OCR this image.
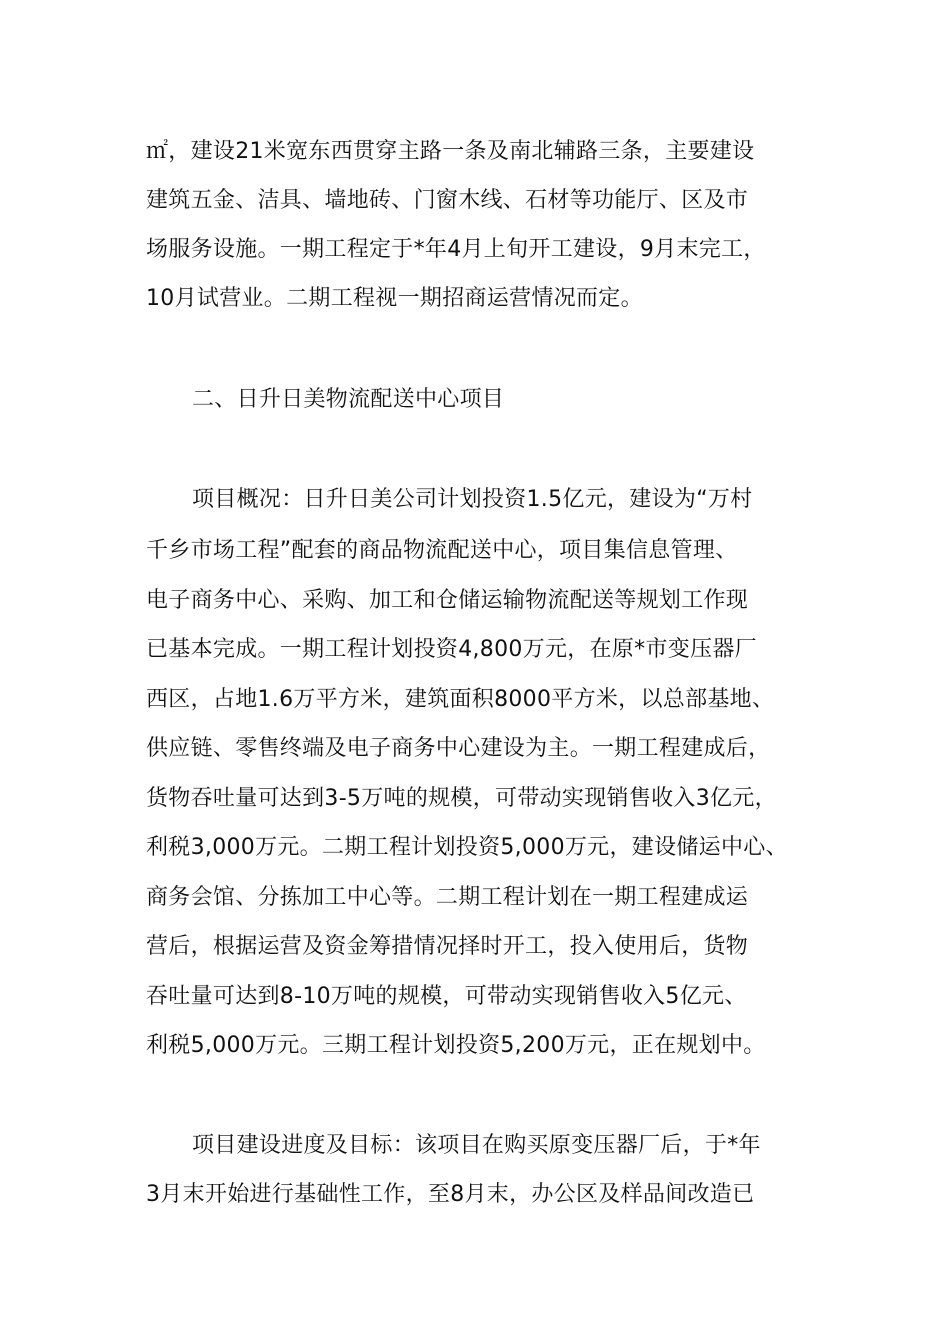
㎡，建设21米宽东西贯穿主路一条及南北辅路三条，主要建设
建筑五金、洁具、墙地砖、门窗木线、石材等功能厅、区及市
场服务设施。一期工程定于*年4月上旬开工建设，9月末完工，
10月试营业。二期工程视一期招商运营情况而定。
二、日升日美物流配送中心项目
项目概况：日升日美公司计划投资1.5亿元，建设为“万村
千乡市场工程”配套的商品物流配送中心，项目集信息管理、
电子商务中心、采购、加工和仓储运输物流配送等规划工作现
已基本完成。一期工程计划投资4,800万元，在原*市变压器厂
西区，占地1.6万平方米，建筑面积8000平方米，以总部基地、
供应链、零售终端及电子商务中心建设为主。一期工程建成后，
货物吞吐量可达到3-5万吨的规模，可带动实现销售收入3亿元，
利税3,000万元。二期工程计划投资5,000万元，建设储运中心、
商务会馆、分拣加工中心等。二期工程计划在一期工程建成运
营后，根据运营及资金筹措情况择时开工，投入使用后，货物
吞吐量可达到8-10万吨的规模，可带动实现销售收入5亿元、
利税5,000万元。三期工程计划投资5,200万元，正在规划中。
项目建设进度及目标：该项目在购买原变压器厂后，于*年
3月末开始进行基础性工作，至8月末，办公区及样品间改造已
